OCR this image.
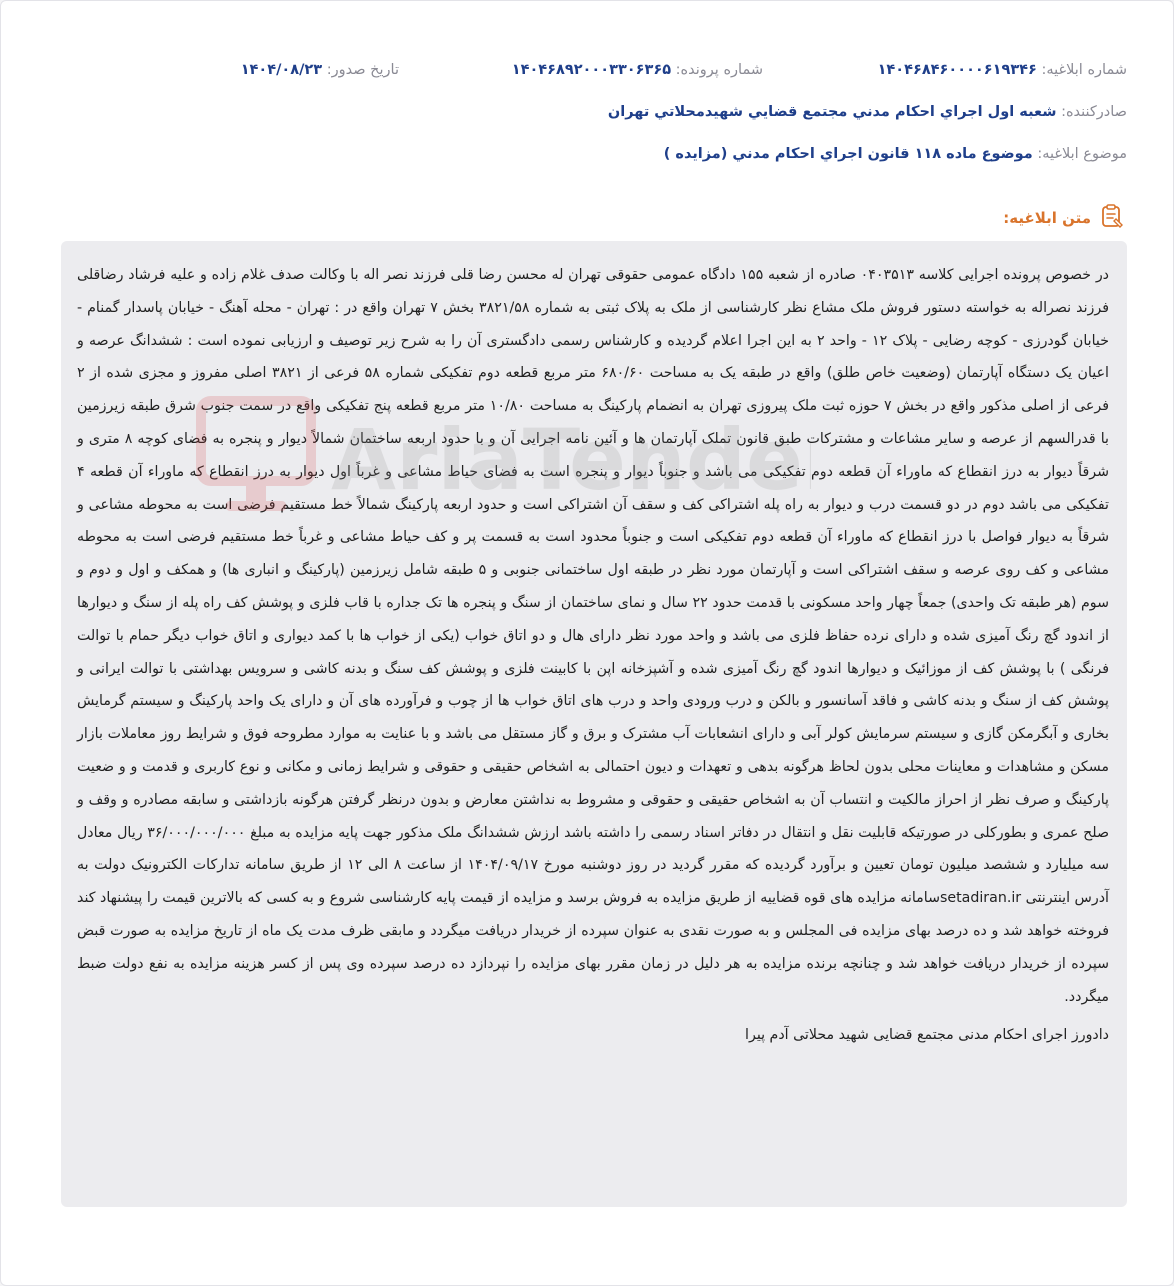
شماره ابلاغیه: ۱۴۰۴۶۸۴۶۰۰۰۰۶۱۹۳۴۶
شماره پرونده: ۱۴۰۴۶۸۹۲۰۰۰۳۳۰۶۳۶۵
تاریخ صدور: ۱۴۰۴/۰۸/۲۳
صادرکننده: شعبه اول اجراي احكام مدني مجتمع قضايي شهيدمحلاتي تهران
موضوع ابلاغیه: موضوع ماده ۱۱۸ قانون اجراي احكام مدني (مزايده )
متن ابلاغیه:

در خصوص پرونده اجرایی کلاسه ۰۴۰۳۵۱۳ صادره از شعبه ۱۵۵ دادگاه عمومی حقوقی تهران له محسن رضا قلی فرزند نصر اله با وکالت صدف غلام زاده و علیه فرشاد رضاقلی فرزند نصراله به خواسته دستور فروش ملک مشاع نظر کارشناسی از ملک به پلاک ثبتی به شماره ۳۸۲۱/۵۸ بخش ۷ تهران واقع در : تهران - محله آهنگ - خیابان پاسدار گمنام - خیابان گودرزی - کوچه رضایی - پلاک ۱۲ - واحد ۲ به این اجرا اعلام گردیده و کارشناس رسمی دادگستری آن را به شرح زیر توصیف و ارزیابی نموده است : ششدانگ عرصه و اعیان یک دستگاه آپارتمان (وضعیت خاص طلق) واقع در طبقه یک به مساحت ۶۸۰/۶۰ متر مربع قطعه دوم تفکیکی شماره ۵۸ فرعی از ۳۸۲۱ اصلی مفروز و مجزی شده از ۲ فرعی از اصلی مذکور واقع در بخش ۷ حوزه ثبت ملک پیروزی تهران به انضمام پارکینگ به مساحت ۱۰/۸۰ متر مربع قطعه پنج تفکیکی واقع در سمت جنوب شرق طبقه زیرزمین با قدرالسهم از عرصه و سایر مشاعات و مشترکات طبق قانون تملک آپارتمان ها و آئین نامه اجرایی آن و با حدود اربعه ساختمان شمالاً دیوار و پنجره به فضای کوچه ۸ متری و شرقاً دیوار به درز انقطاع که ماوراء آن قطعه دوم تفکیکی می باشد و جنوباً دیوار و پنجره است به فضای حیاط مشاعی و غرباً اول دیوار به درز انقطاع که ماوراء آن قطعه ۴ تفکیکی می باشد دوم در دو قسمت درب و دیوار به راه پله اشتراکی کف و سقف آن اشتراکی است و حدود اربعه پارکینگ شمالاً خط مستقیم فرضی است به محوطه مشاعی و شرقاً به دیوار فواصل با درز انقطاع که ماوراء آن قطعه دوم تفکیکی است و جنوباً محدود است به قسمت پر و کف حیاط مشاعی و غرباً خط مستقیم فرضی است به محوطه مشاعی و کف روی عرصه و سقف اشتراکی است و آپارتمان مورد نظر در طبقه اول ساختمانی جنوبی و ۵ طبقه شامل زیرزمین (پارکینگ و انباری ها) و همکف و اول و دوم و سوم (هر طبقه تک واحدی) جمعاً چهار واحد مسکونی با قدمت حدود ۲۲ سال و نمای ساختمان از سنگ و پنجره ها تک جداره با قاب فلزی و پوشش کف راه پله از سنگ و دیوارها از اندود گچ رنگ آمیزی شده و دارای نرده حفاظ فلزی می باشد و واحد مورد نظر دارای هال و دو اتاق خواب (یکی از خواب ها با کمد دیواری و اتاق خواب دیگر حمام با توالت فرنگی ) با پوشش کف از موزائیک و دیوارها اندود گچ رنگ آمیزی شده و آشپزخانه اپن با کابینت فلزی و پوشش کف سنگ و بدنه کاشی و سرویس بهداشتی با توالت ایرانی و پوشش کف از سنگ و بدنه کاشی و فاقد آسانسور و بالکن و درب ورودی واحد و درب های اتاق خواب ها از چوب و فرآورده های آن و دارای یک واحد پارکینگ و سیستم گرمایش بخاری و آبگرمکن گازی و سیستم سرمایش کولر آبی و دارای انشعابات آب مشترک و برق و گاز مستقل می باشد و با عنایت به موارد مطروحه فوق و شرایط روز معاملات بازار مسکن و مشاهدات و معاینات محلی بدون لحاظ هرگونه بدهی و تعهدات و دیون احتمالی به اشخاص حقیقی و حقوقی و شرایط زمانی و مکانی و نوع کاربری و قدمت و و ضعیت پارکینگ و صرف نظر از احراز مالکیت و انتساب آن به اشخاص حقیقی و حقوقی و مشروط به نداشتن معارض و بدون درنظر گرفتن هرگونه بازداشتی و سابقه مصادره و وقف و صلح عمری و بطورکلی در صورتیکه قابلیت نقل و انتقال در دفاتر اسناد رسمی را داشته باشد ارزش ششدانگ ملک مذکور جهت پایه مزایده به مبلغ ۳۶/۰۰۰/۰۰۰/۰۰۰ ریال معادل سه میلیارد و ششصد میلیون تومان تعیین و برآورد گردیده که مقرر گردید در روز دوشنبه مورخ ۱۴۰۴/۰۹/۱۷ از ساعت ۸ الی ۱۲ از طریق سامانه تدارکات الکترونیک دولت به آدرس اینترنتی setadiran.irسامانه مزایده های قوه قضاییه از طریق مزایده به فروش برسد و مزایده از قیمت پایه کارشناسی شروع و به کسی که بالاترین قیمت را پیشنهاد کند فروخته خواهد شد و ده درصد بهای مزایده فی المجلس و به صورت نقدی به عنوان سپرده از خریدار دریافت میگردد و مابقی ظرف مدت یک ماه از تاریخ مزایده به صورت قبض سپرده از خریدار دریافت خواهد شد و چنانچه برنده مزایده به هر دلیل در زمان مقرر بهای مزایده را نپردازد ده درصد سپرده وی پس از کسر هزینه مزایده به نفع دولت ضبط میگردد.

دادورز اجرای احکام مدنی مجتمع قضایی شهید محلاتی آدم پیرا
